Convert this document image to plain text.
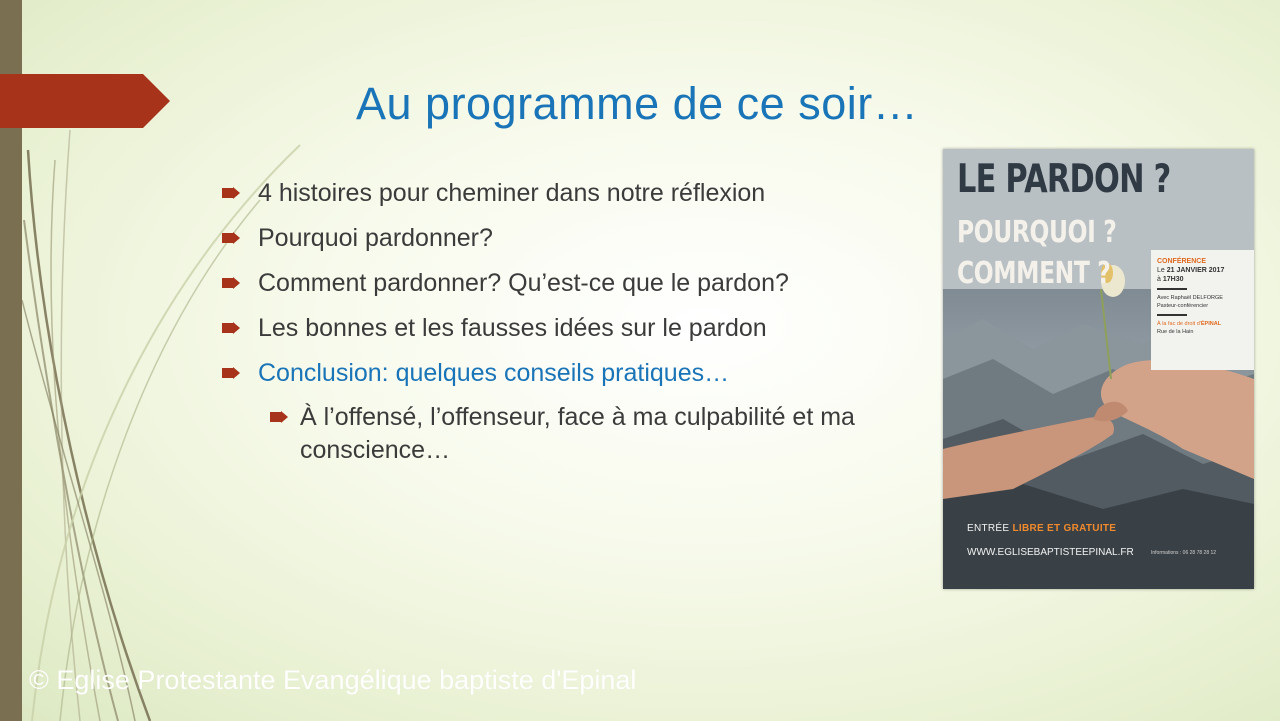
Au programme de ce soir…
4 histoires pour cheminer dans notre réflexion
Pourquoi pardonner?
Comment pardonner? Qu’est-ce que le pardon?
Les bonnes et les fausses idées sur le pardon
Conclusion: quelques conseils pratiques…
À l’offensé, l’offenseur, face à ma culpabilité et ma conscience…
LE PARDON ?
POURQUOI ?
COMMENT ?	CONFÉRENCE
Le 21 JANVIER 2017
à 17H30
Avec Raphaël DELFORGE
Pasteur-conférencier
À la fac de droit d'ÉPINAL
Rue de la Hain
ENTRÉE LIBRE ET GRATUITE
WWW.EGLISEBAPTISTEEPINAL.FR	Informations : 06 28 78 28 12
© Eglise Protestante Evangélique baptiste d'Epinal
